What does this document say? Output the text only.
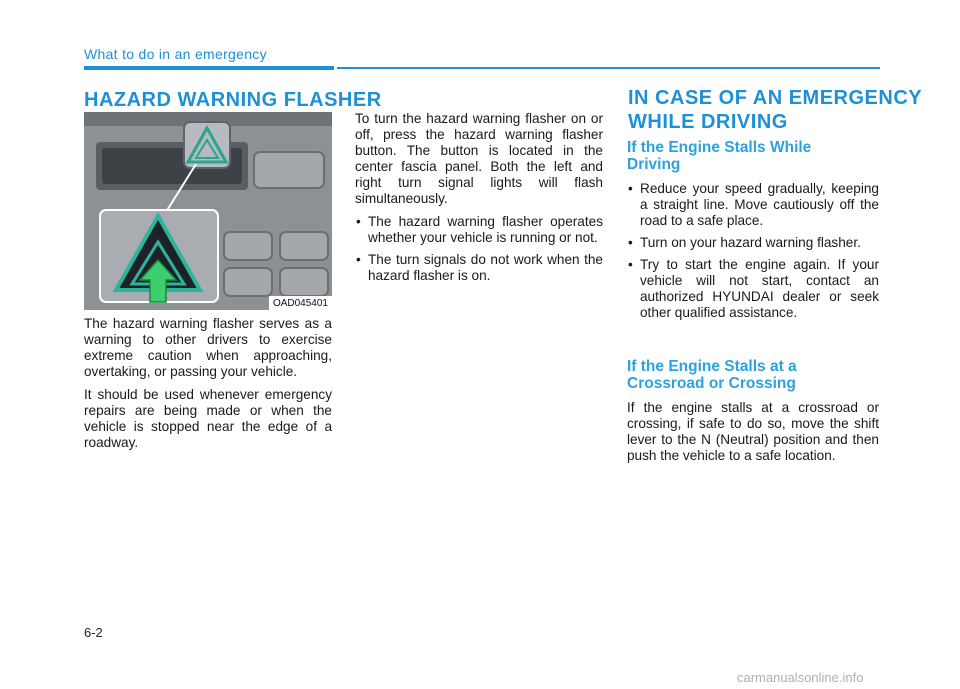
What to do in an emergency
HAZARD WARNING FLASHER
OAD045401

The hazard warning flasher serves as a warning to other drivers to exercise extreme caution when approaching, overtaking, or passing your vehicle.

It should be used whenever emergency repairs are being made or when the vehicle is stopped near the edge of a roadway.

To turn the hazard warning flasher on or off, press the hazard warning flasher button. The button is located in the center fascia panel. Both the left and right turn signal lights will flash simultaneously.

• The hazard warning flasher operates whether your vehicle is running or not.
• The turn signals do not work when the hazard flasher is on.
IN CASE OF AN EMERGENCY
WHILE DRIVING
If the Engine Stalls While Driving
• Reduce your speed gradually, keeping a straight line. Move cautiously off the road to a safe place.
• Turn on your hazard warning flasher.
• Try to start the engine again. If your vehicle will not start, contact an authorized HYUNDAI dealer or seek other qualified assistance.
If the Engine Stalls at a Crossroad or Crossing

If the engine stalls at a crossroad or crossing, if safe to do so, move the shift lever to the N (Neutral) position and then push the vehicle to a safe location.

6-2
carmanualsonline.info
